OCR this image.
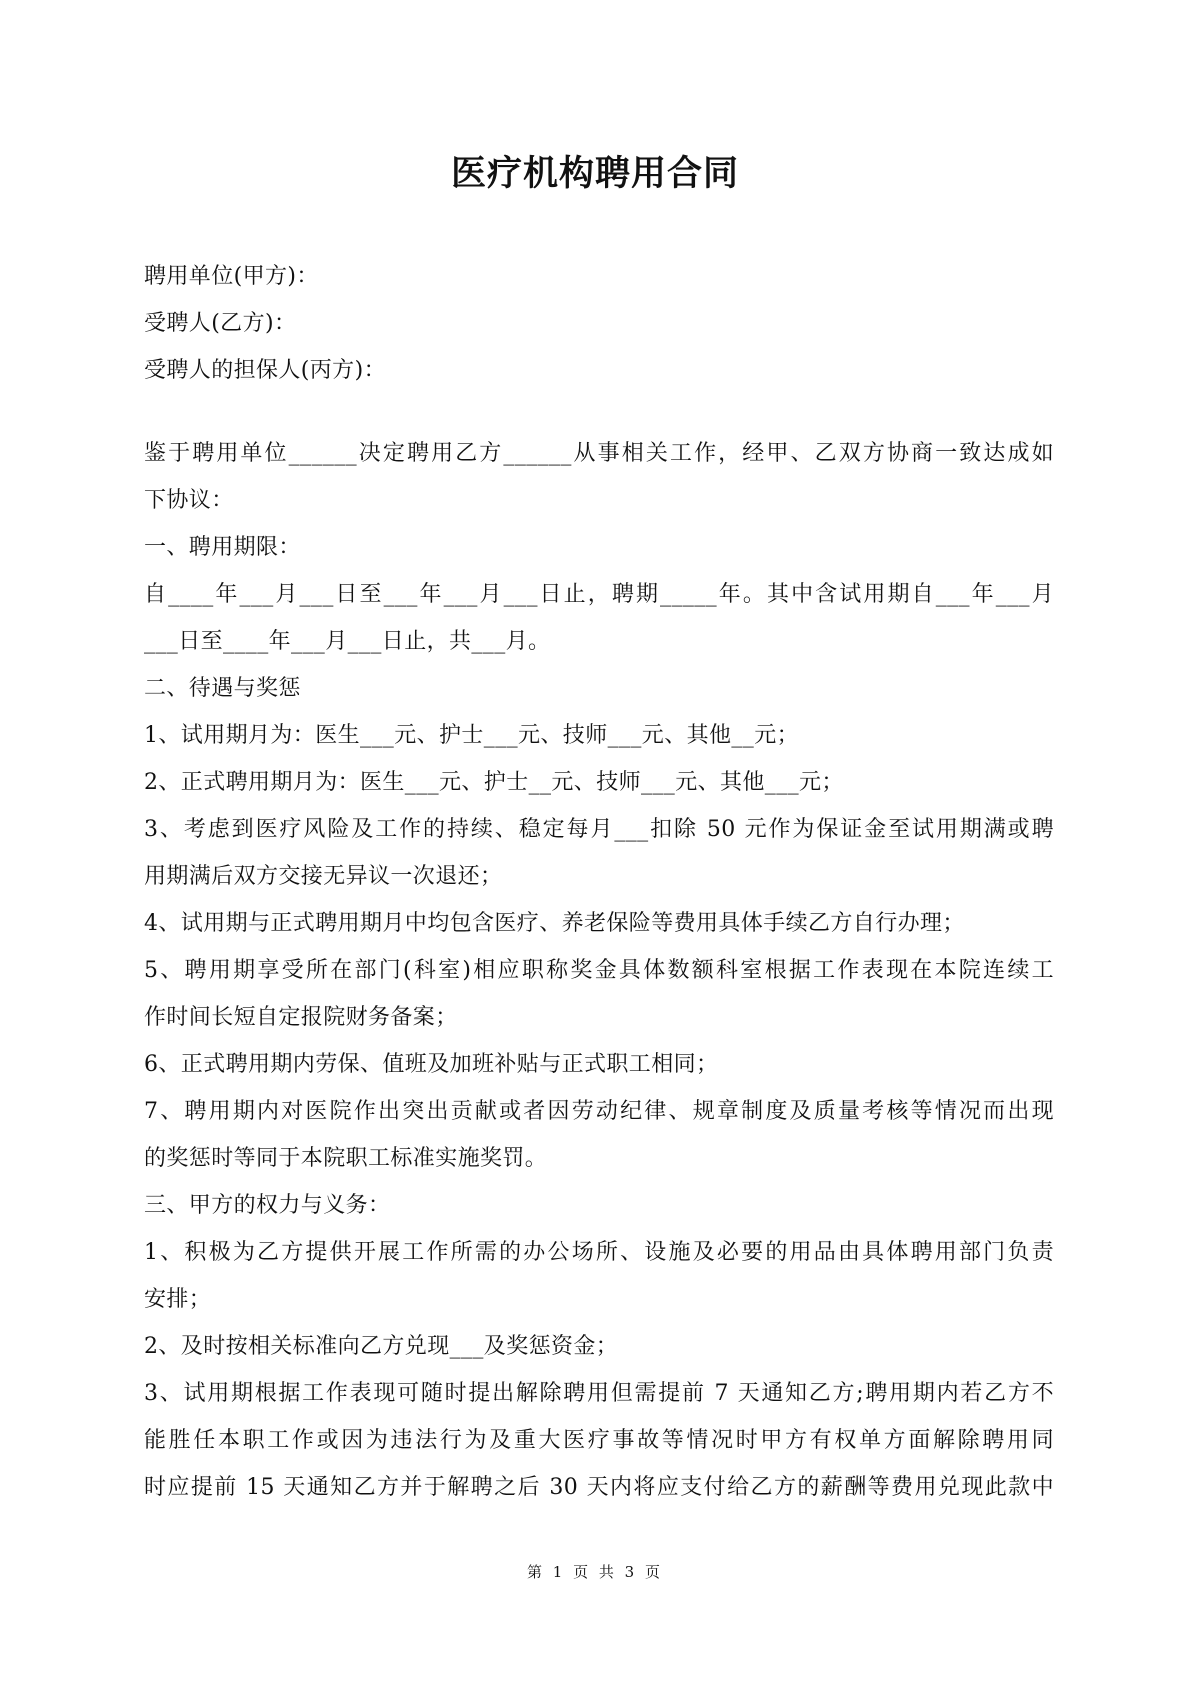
医疗机构聘用合同
聘用单位(甲方)：
受聘人(乙方)：
受聘人的担保人(丙方)：
鉴于聘用单位______决定聘用乙方______从事相关工作，经甲、乙双方协商一致达成如
下协议：
一、聘用期限：
自____年___月___日至___年___月___日止，聘期_____年。其中含试用期自___年___月
___日至____年___月___日止，共___月。
二、待遇与奖惩
1、试用期月为：医生___元、护士___元、技师___元、其他__元；
2、正式聘用期月为：医生___元、护士__元、技师___元、其他___元；
3、考虑到医疗风险及工作的持续、稳定每月___扣除 50 元作为保证金至试用期满或聘
用期满后双方交接无异议一次退还；
4、试用期与正式聘用期月中均包含医疗、养老保险等费用具体手续乙方自行办理；
5、聘用期享受所在部门(科室)相应职称奖金具体数额科室根据工作表现在本院连续工
作时间长短自定报院财务备案；
6、正式聘用期内劳保、值班及加班补贴与正式职工相同；
7、聘用期内对医院作出突出贡献或者因劳动纪律、规章制度及质量考核等情况而出现
的奖惩时等同于本院职工标准实施奖罚。
三、甲方的权力与义务：
1、积极为乙方提供开展工作所需的办公场所、设施及必要的用品由具体聘用部门负责
安排；
2、及时按相关标准向乙方兑现___及奖惩资金；
3、试用期根据工作表现可随时提出解除聘用但需提前 7 天通知乙方;聘用期内若乙方不
能胜任本职工作或因为违法行为及重大医疗事故等情况时甲方有权单方面解除聘用同
时应提前 15 天通知乙方并于解聘之后 30 天内将应支付给乙方的薪酬等费用兑现此款中
第 1 页 共 3 页
